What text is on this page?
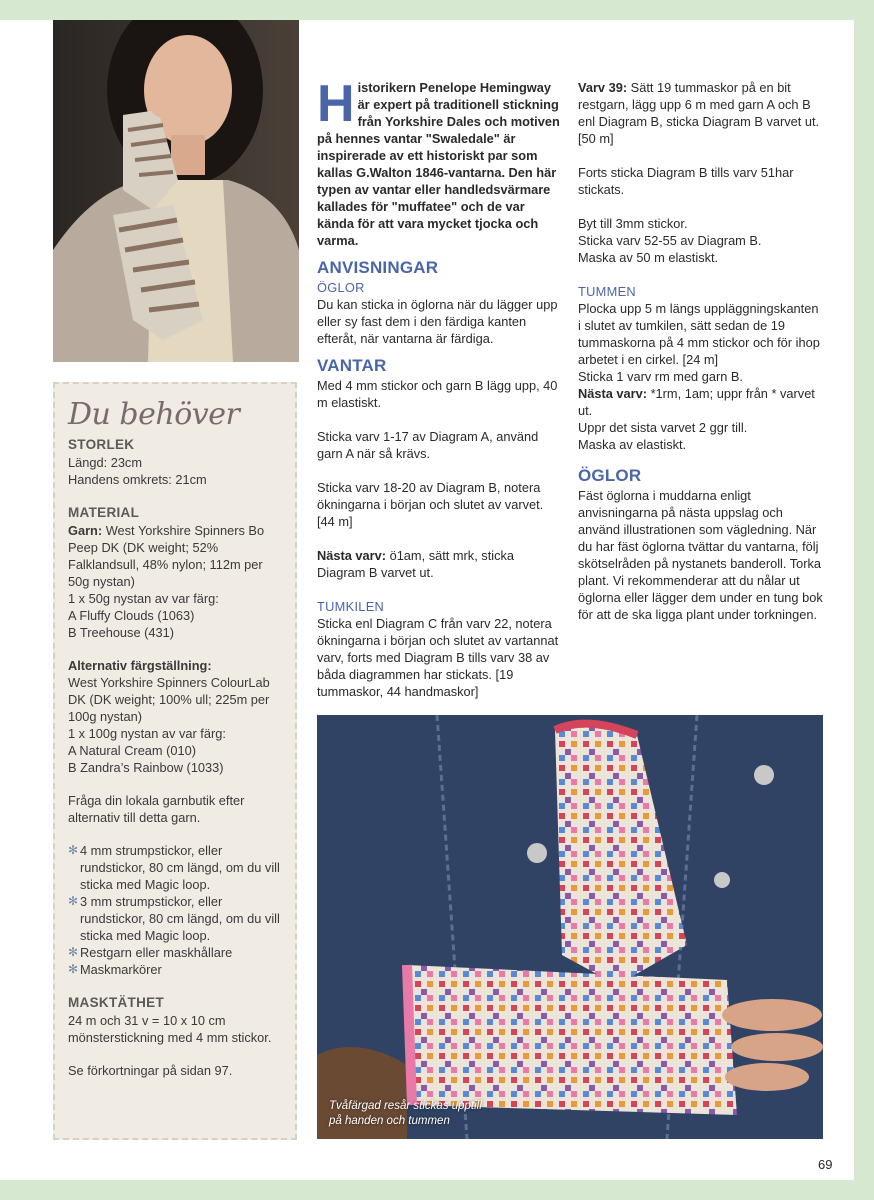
Du behöver
STORLEK
Längd: 23cm
Handens omkrets: 21cm
MATERIAL
Garn: West Yorkshire Spinners Bo Peep DK (DK weight; 52% Falklandsull, 48% nylon; 112m per 50g nystan)
1 x 50g nystan av var färg:
A Fluffy Clouds (1063)
B Treehouse (431)
Alternativ färgställning:
West Yorkshire Spinners ColourLab DK (DK weight; 100% ull; 225m per 100g nystan)
1 x 100g nystan av var färg:
A Natural Cream (010)
B Zandra’s Rainbow (1033)
Fråga din lokala garnbutik efter alternativ till detta garn.
✻ 4 mm strumpstickor, eller rundstickor, 80 cm längd, om du vill sticka med Magic loop.
✻ 3 mm strumpstickor, eller rundstickor, 80 cm längd, om du vill sticka med Magic loop.
✻ Restgarn eller maskhållare
✻ Maskmarkörer
MASKTÄTHET
24 m och 31 v = 10 x 10 cm mönsterstickning med 4 mm stickor.
Se förkortningar på sidan 97.
Historikern Penelope Hemingway är expert på traditionell stickning från Yorkshire Dales och motiven på hennes vantar "Swaledale" är inspirerade av ett historiskt par som kallas G.Walton 1846-vantarna. Den här typen av vantar eller handledsvärmare kallades för "muffatee" och de var kända för att vara mycket tjocka och varma.
ANVISNINGAR
ÖGLOR
Du kan sticka in öglorna när du lägger upp eller sy fast dem i den färdiga kanten efteråt, när vantarna är färdiga.
VANTAR
Med 4 mm stickor och garn B lägg upp, 40 m elastiskt.
Sticka varv 1-17 av Diagram A, använd garn A när så krävs.
Sticka varv 18-20 av Diagram B, notera ökningarna i början och slutet av varvet. [44 m]
Nästa varv: ö1am, sätt mrk, sticka Diagram B varvet ut.
TUMKILEN
Sticka enl Diagram C från varv 22, notera ökningarna i början och slutet av vartannat varv, forts med Diagram B tills varv 38 av båda diagrammen har stickats. [19 tummaskor, 44 handmaskor]
Varv 39: Sätt 19 tummaskor på en bit restgarn, lägg upp 6 m med garn A och B enl Diagram B, sticka Diagram B varvet ut. [50 m]
Forts sticka Diagram B tills varv 51har stickats.
Byt till 3mm stickor.
Sticka varv 52-55 av Diagram B.
Maska av 50 m elastiskt.
TUMMEN
Plocka upp 5 m längs uppläggningskanten i slutet av tumkilen, sätt sedan de 19 tummaskorna på 4 mm stickor och för ihop arbetet i en cirkel. [24 m]
Sticka 1 varv rm med garn B.
Nästa varv: *1rm, 1am; uppr från * varvet ut.
Uppr det sista varvet 2 ggr till.
Maska av elastiskt.
ÖGLOR
Fäst öglorna i muddarna enligt anvisningarna på nästa uppslag och använd illustrationen som vägledning. När du har fäst öglorna tvättar du vantarna, följ skötselråden på nystanets banderoll. Torka plant. Vi rekommenderar att du nålar ut öglorna eller lägger dem under en tung bok för att de ska ligga plant under torkningen.
Tvåfärgad resår stickas upptill på handen och tummen
69
